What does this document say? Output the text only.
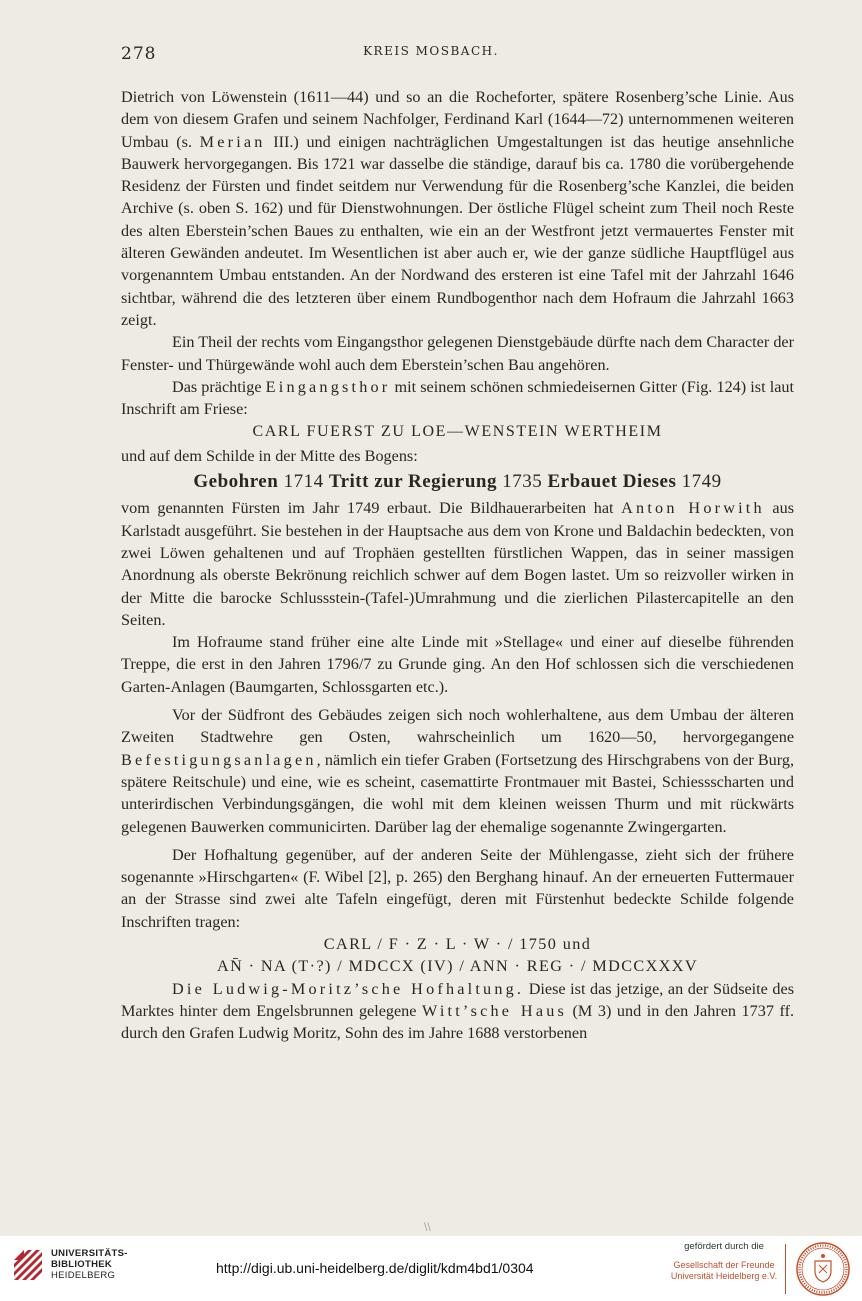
278	KREIS MOSBACH.

Dietrich von Löwenstein (1611—44) und so an die Rocheforter, spätere Rosenberg’sche Linie. Aus dem von diesem Grafen und seinem Nachfolger, Ferdinand Karl (1644—72) unternommenen weiteren Umbau (s. Merian III.) und einigen nachträglichen Umgestaltungen ist das heutige ansehnliche Bauwerk hervorgegangen. Bis 1721 war dasselbe die ständige, darauf bis ca. 1780 die vorübergehende Residenz der Fürsten und findet seitdem nur Verwendung für die Rosenberg’sche Kanzlei, die beiden Archive (s. oben S. 162) und für Dienstwohnungen. Der östliche Flügel scheint zum Theil noch Reste des alten Eberstein’schen Baues zu enthalten, wie ein an der Westfront jetzt vermauertes Fenster mit älteren Gewänden andeutet. Im Wesentlichen ist aber auch er, wie der ganze südliche Hauptflügel aus vorgenanntem Umbau entstanden. An der Nordwand des ersteren ist eine Tafel mit der Jahrzahl 1646 sichtbar, während die des letzteren über einem Rundbogenthor nach dem Hofraum die Jahrzahl 1663 zeigt.

Ein Theil der rechts vom Eingangsthor gelegenen Dienstgebäude dürfte nach dem Character der Fenster- und Thürgewände wohl auch dem Eberstein’schen Bau angehören.

Das prächtige Eingangsthor mit seinem schönen schmiedeisernen Gitter (Fig. 124) ist laut Inschrift am Friese:

CARL FUERST ZU LOE—WENSTEIN WERTHEIM

und auf dem Schilde in der Mitte des Bogens:

Gebohren 1714 Tritt zur Regierung 1735 Erbauet Dieses 1749

vom genannten Fürsten im Jahr 1749 erbaut. Die Bildhauerarbeiten hat Anton Horwith aus Karlstadt ausgeführt. Sie bestehen in der Hauptsache aus dem von Krone und Baldachin bedeckten, von zwei Löwen gehaltenen und auf Trophäen gestellten fürstlichen Wappen, das in seiner massigen Anordnung als oberste Bekrönung reichlich schwer auf dem Bogen lastet. Um so reizvoller wirken in der Mitte die barocke Schlussstein-(Tafel-)Umrahmung und die zierlichen Pilastercapitelle an den Seiten.

Im Hofraume stand früher eine alte Linde mit »Stellage« und einer auf dieselbe führenden Treppe, die erst in den Jahren 1796/7 zu Grunde ging. An den Hof schlossen sich die verschiedenen Garten-Anlagen (Baumgarten, Schlossgarten etc.).

Vor der Südfront des Gebäudes zeigen sich noch wohlerhaltene, aus dem Umbau der älteren Zweiten Stadtwehre gen Osten, wahrscheinlich um 1620—50, hervorgegangene Befestigungsanlagen, nämlich ein tiefer Graben (Fortsetzung des Hirschgrabens von der Burg, spätere Reitschule) und eine, wie es scheint, casemattirte Frontmauer mit Bastei, Schiessscharten und unterirdischen Verbindungsgängen, die wohl mit dem kleinen weissen Thurm und mit rückwärts gelegenen Bauwerken communicirten. Darüber lag der ehemalige sogenannte Zwingergarten.

Der Hofhaltung gegenüber, auf der anderen Seite der Mühlengasse, zieht sich der frühere sogenannte »Hirschgarten« (F. Wibel [2], p. 265) den Berghang hinauf. An der erneuerten Futtermauer an der Strasse sind zwei alte Tafeln eingefügt, deren mit Fürstenhut bedeckte Schilde folgende Inschriften tragen:

CARL / F · Z · L · W · / 1750 und

AN̄ · NA (T·?) / MDCCX (IV) / ANN · REG · / MDCCXXXV

Die Ludwig-Moritz’sche Hofhaltung. Diese ist das jetzige, an der Südseite des Marktes hinter dem Engelsbrunnen gelegene Witt’sche Haus (M 3) und in den Jahren 1737 ff. durch den Grafen Ludwig Moritz, Sohn des im Jahre 1688 verstorbenen

\\
UNIVERSITÄTS-
BIBLIOTHEK
HEIDELBERG	http://digi.ub.uni-heidelberg.de/diglit/kdm4bd1/0304
gefördert durch die
Gesellschaft der Freunde
Universität Heidelberg e.V.
